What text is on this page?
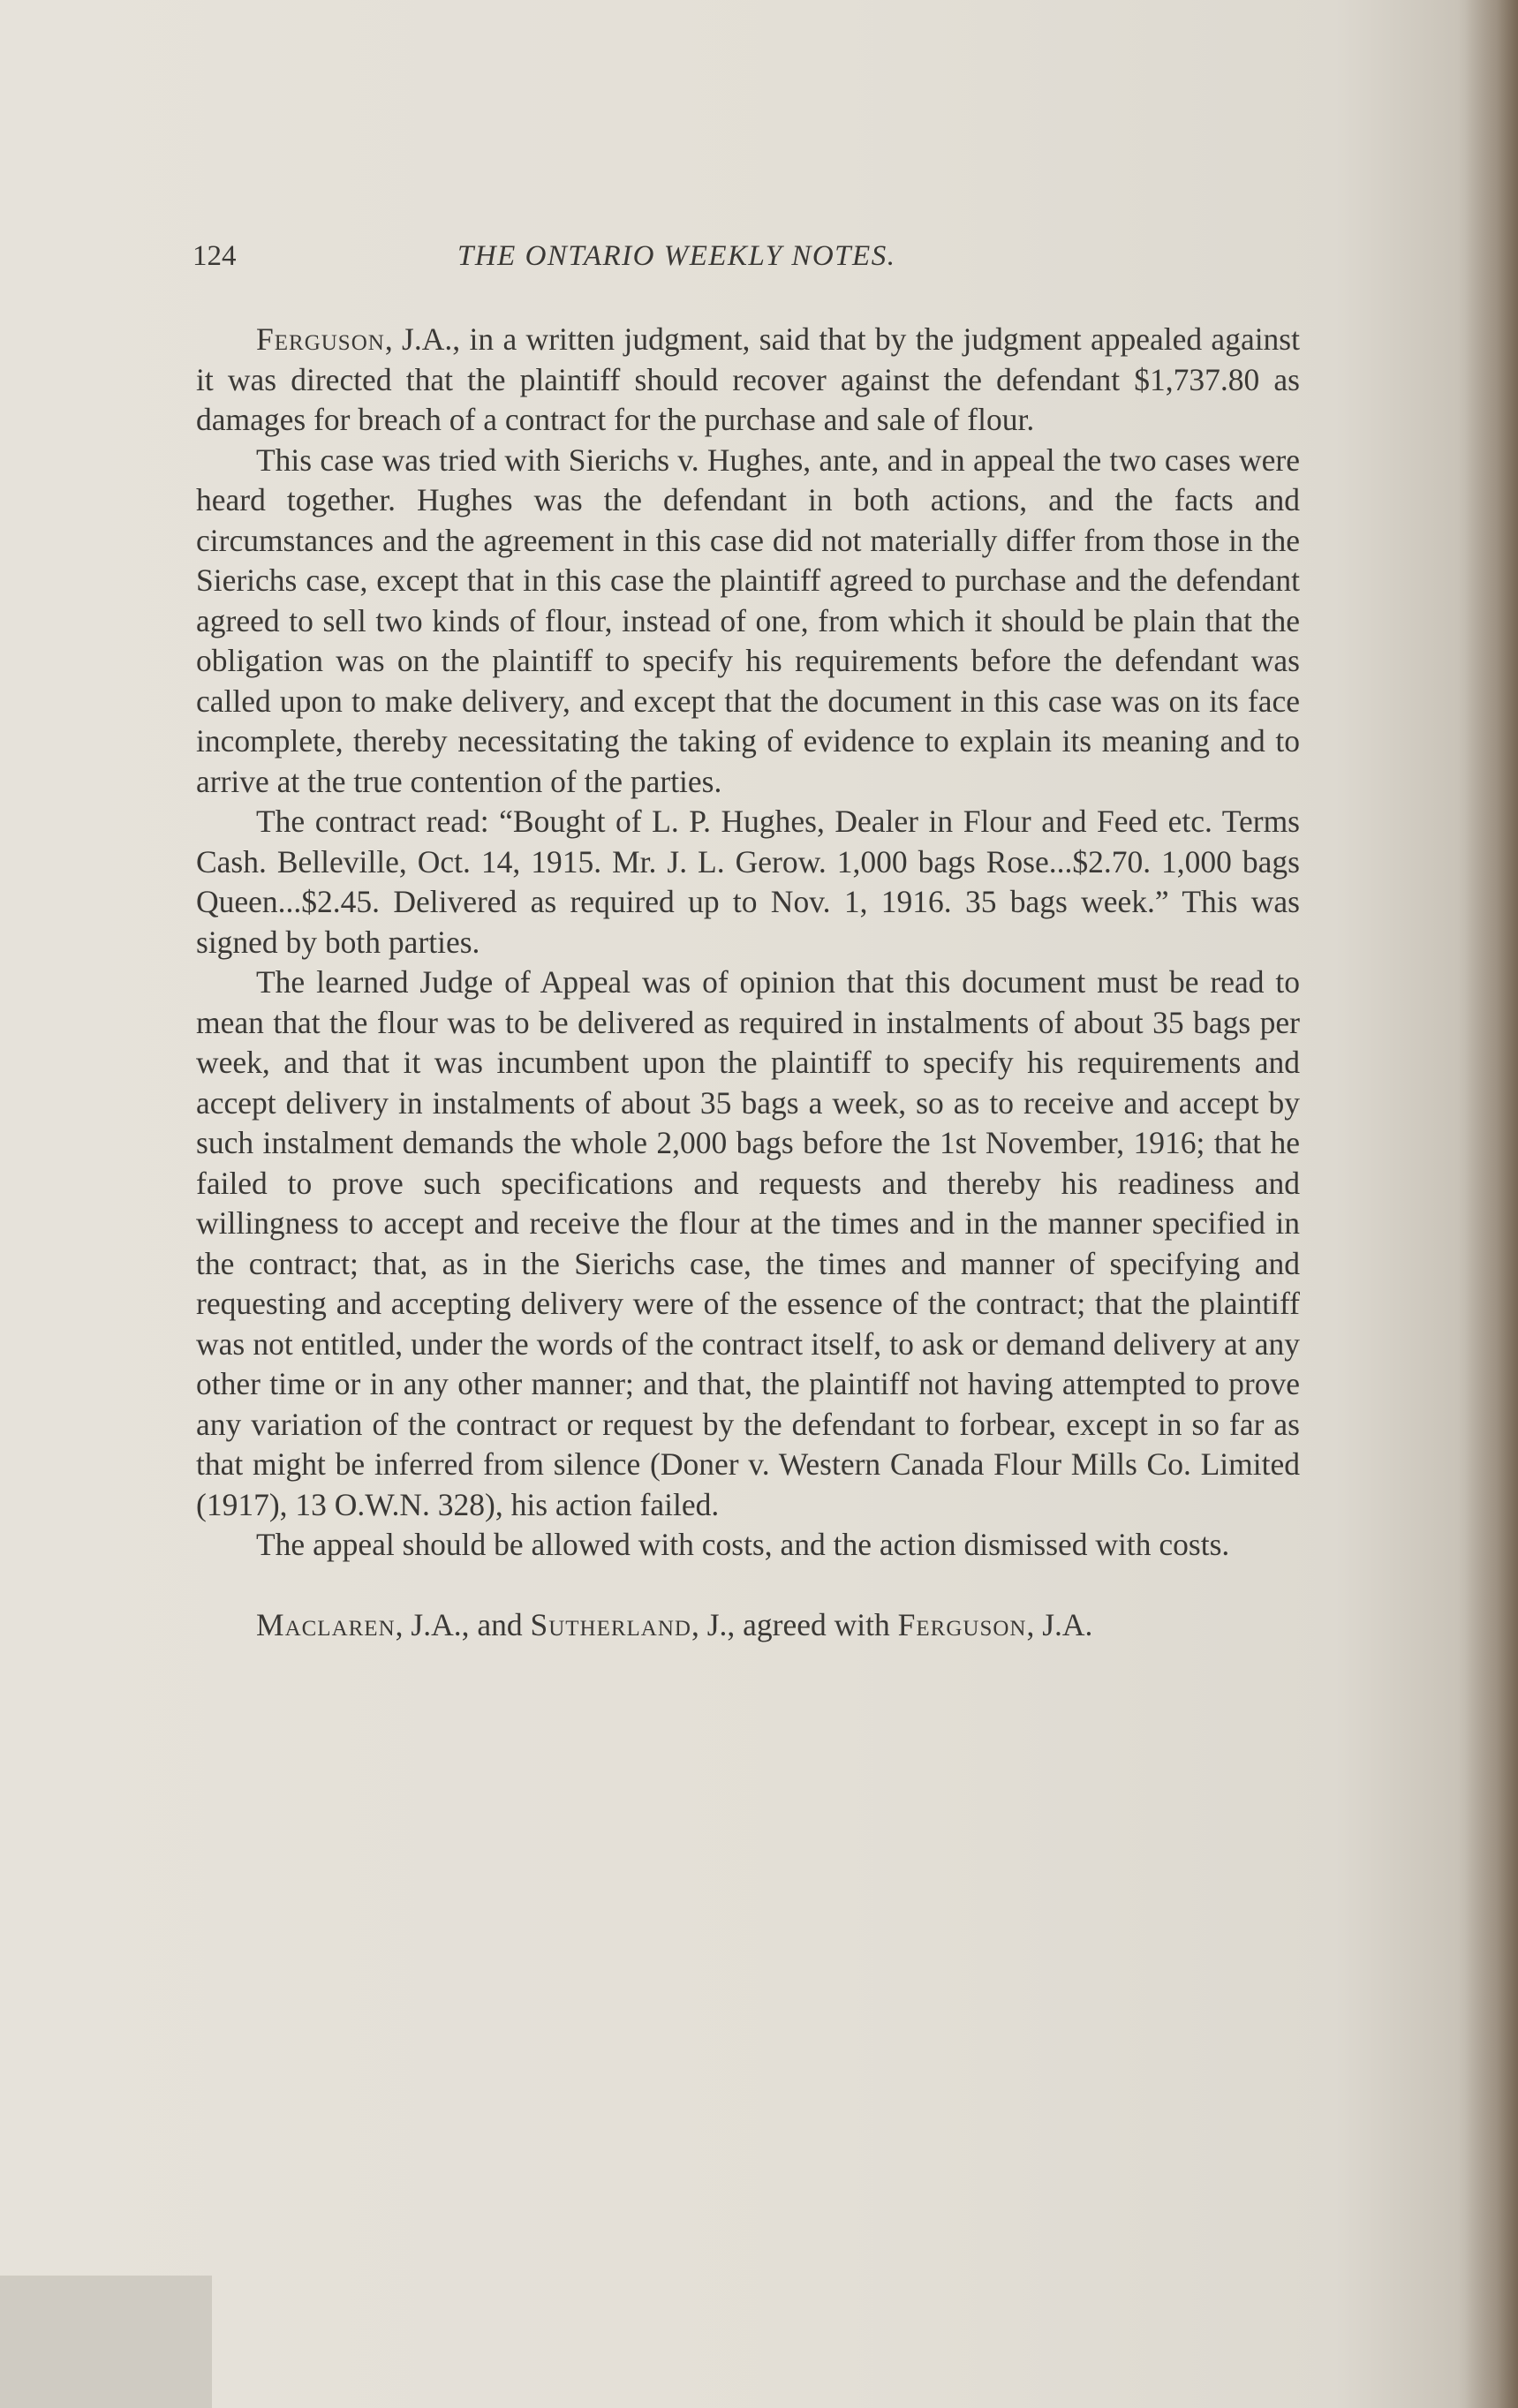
124	THE ONTARIO WEEKLY NOTES.

Ferguson, J.A., in a written judgment, said that by the judgment appealed against it was directed that the plaintiff should recover against the defendant $1,737.80 as damages for breach of a contract for the purchase and sale of flour.

This case was tried with Sierichs v. Hughes, ante, and in appeal the two cases were heard together. Hughes was the defendant in both actions, and the facts and circumstances and the agreement in this case did not materially differ from those in the Sierichs case, except that in this case the plaintiff agreed to purchase and the defendant agreed to sell two kinds of flour, instead of one, from which it should be plain that the obligation was on the plaintiff to specify his requirements before the defendant was called upon to make delivery, and except that the document in this case was on its face incomplete, thereby necessitating the taking of evidence to explain its meaning and to arrive at the true contention of the parties.

The contract read: “Bought of L. P. Hughes, Dealer in Flour and Feed etc. Terms Cash. Belleville, Oct. 14, 1915. Mr. J. L. Gerow. 1,000 bags Rose...$2.70. 1,000 bags Queen...$2.45. Delivered as required up to Nov. 1, 1916. 35 bags week.” This was signed by both parties.

The learned Judge of Appeal was of opinion that this document must be read to mean that the flour was to be delivered as required in instalments of about 35 bags per week, and that it was incumbent upon the plaintiff to specify his requirements and accept delivery in instalments of about 35 bags a week, so as to receive and accept by such instalment demands the whole 2,000 bags before the 1st November, 1916; that he failed to prove such specifications and requests and thereby his readiness and willingness to accept and receive the flour at the times and in the manner specified in the contract; that, as in the Sierichs case, the times and manner of specifying and requesting and accepting delivery were of the essence of the contract; that the plaintiff was not entitled, under the words of the contract itself, to ask or demand delivery at any other time or in any other manner; and that, the plaintiff not having attempted to prove any variation of the contract or request by the defendant to forbear, except in so far as that might be inferred from silence (Doner v. Western Canada Flour Mills Co. Limited (1917), 13 O.W.N. 328), his action failed.

The appeal should be allowed with costs, and the action dismissed with costs.

Maclaren, J.A., and Sutherland, J., agreed with Ferguson, J.A.
